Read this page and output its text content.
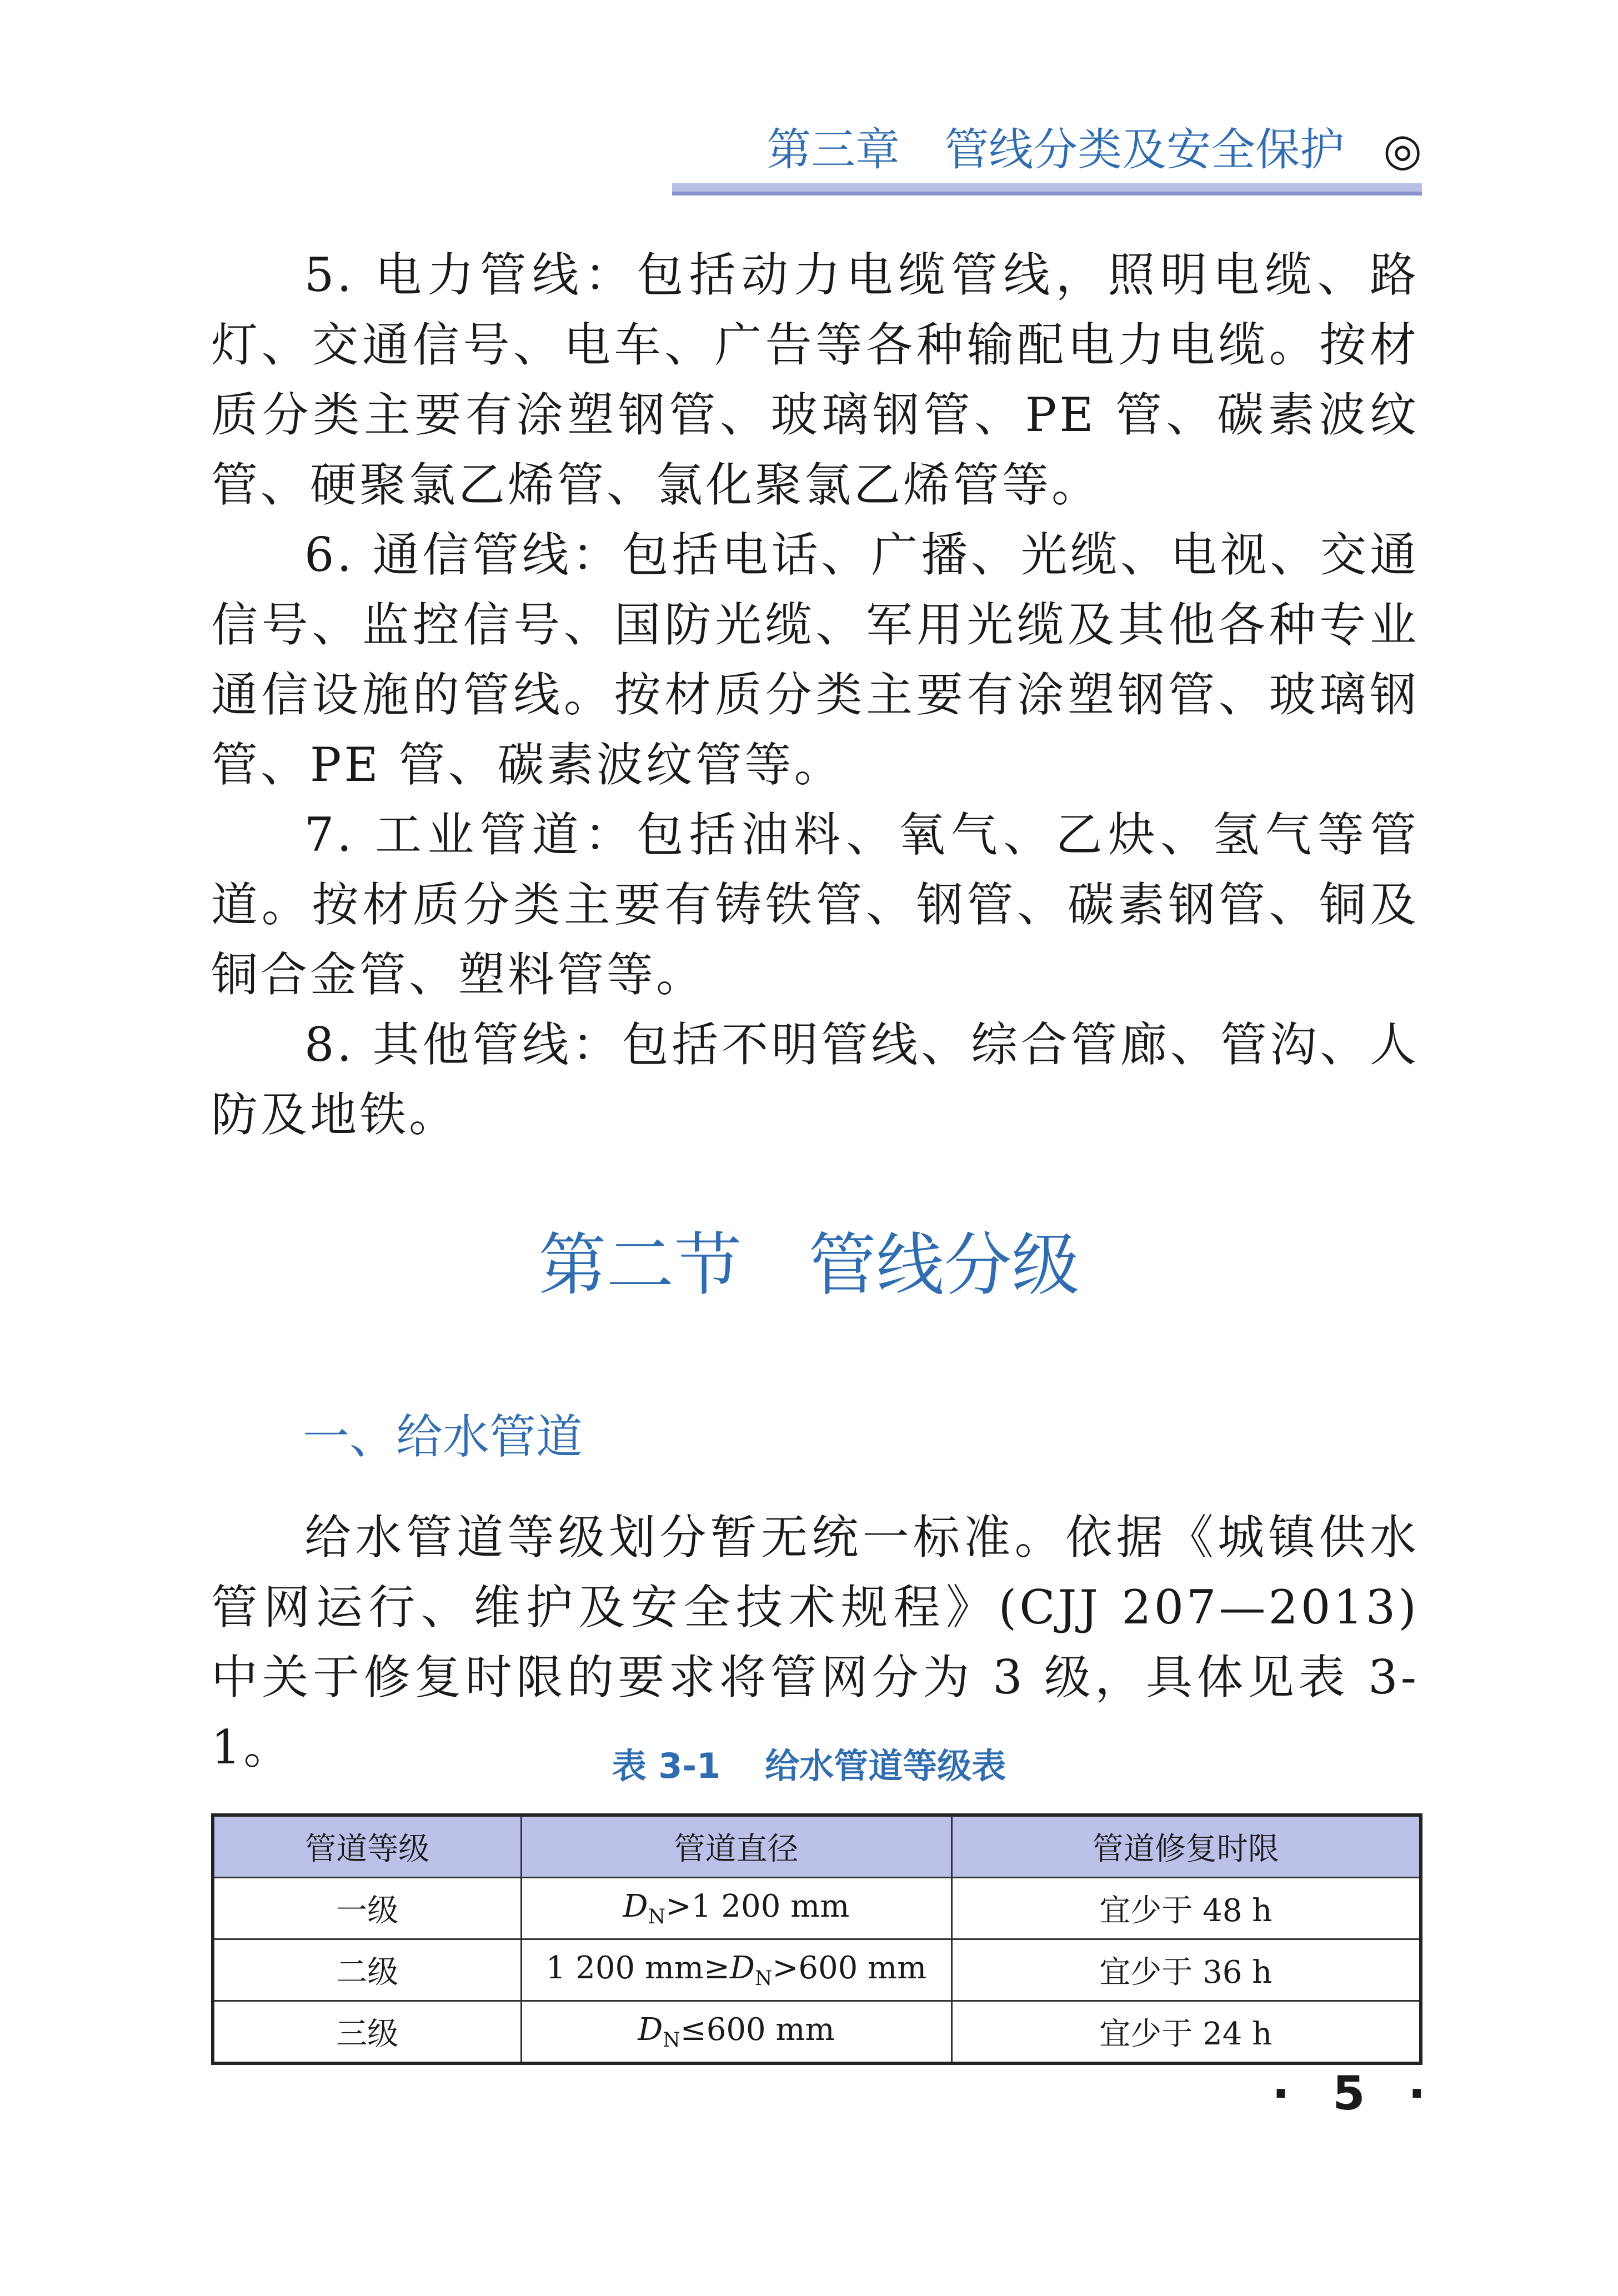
第三章 管线分类及安全保护 ◎

5. 电力管线：包括动力电缆管线，照明电缆、路灯、交通信号、电车、广告等各种输配电力电缆。按材质分类主要有涂塑钢管、玻璃钢管、PE 管、碳素波纹管、硬聚氯乙烯管、氯化聚氯乙烯管等。

6. 通信管线：包括电话、广播、光缆、电视、交通信号、监控信号、国防光缆、军用光缆及其他各种专业通信设施的管线。按材质分类主要有涂塑钢管、玻璃钢管、PE 管、碳素波纹管等。

7. 工业管道：包括油料、氧气、乙炔、氢气等管道。按材质分类主要有铸铁管、钢管、碳素钢管、铜及铜合金管、塑料管等。

8. 其他管线：包括不明管线、综合管廊、管沟、人防及地铁。

第二节 管线分级
一、给水管道

给水管道等级划分暂无统一标准。依据《城镇供水管网运行、维护及安全技术规程》(CJJ 207—2013)中关于修复时限的要求将管网分为 3 级，具体见表 3-1。	表 3-1 给水管道等级表
管道等级	管道直径	管道修复时限
一级	$D_N>1$ 200 mm	宜少于 48 h
二级	1 200 $mm\ge D_N>600$ mm	宜少于 36 h
三级	$D_N\le 600$ mm	宜少于 24 h
· 5 ·
